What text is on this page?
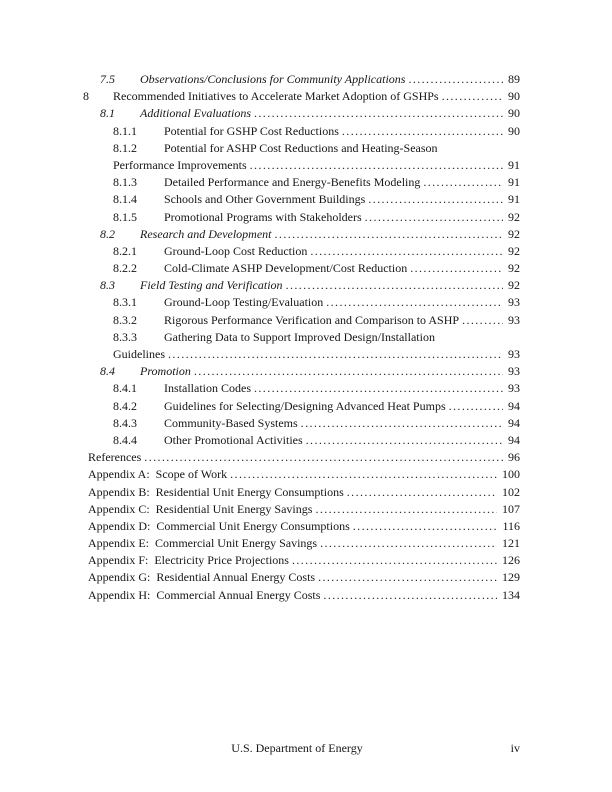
7.5	Observations/Conclusions for Community Applications .....	89
8	Recommended Initiatives to Accelerate Market Adoption of GSHPs .....	90
8.1	Additional Evaluations .....	90
8.1.1	Potential for GSHP Cost Reductions .....	90
8.1.2	Potential for ASHP Cost Reductions and Heating-Season
Performance Improvements .....	91
8.1.3	Detailed Performance and Energy-Benefits Modeling .....	91
8.1.4	Schools and Other Government Buildings .....	91
8.1.5	Promotional Programs with Stakeholders .....	92
8.2	Research and Development .....	92
8.2.1	Ground-Loop Cost Reduction .....	92
8.2.2	Cold-Climate ASHP Development/Cost Reduction .....	92
8.3	Field Testing and Verification .....	92
8.3.1	Ground-Loop Testing/Evaluation .....	93
8.3.2	Rigorous Performance Verification and Comparison to ASHP .....	93
8.3.3	Gathering Data to Support Improved Design/Installation
Guidelines .....	93
8.4	Promotion .....	93
8.4.1	Installation Codes .....	93
8.4.2	Guidelines for Selecting/Designing Advanced Heat Pumps .....	94
8.4.3	Community-Based Systems .....	94
8.4.4	Other Promotional Activities .....	94
References .....	96
Appendix A:  Scope of Work .....	100
Appendix B:  Residential Unit Energy Consumptions .....	102
Appendix C:  Residential Unit Energy Savings .....	107
Appendix D:  Commercial Unit Energy Consumptions .....	116
Appendix E:  Commercial Unit Energy Savings .....	121
Appendix F:  Electricity Price Projections .....	126
Appendix G:  Residential Annual Energy Costs .....	129
Appendix H:  Commercial Annual Energy Costs .....	134
U.S. Department of Energy	iv
